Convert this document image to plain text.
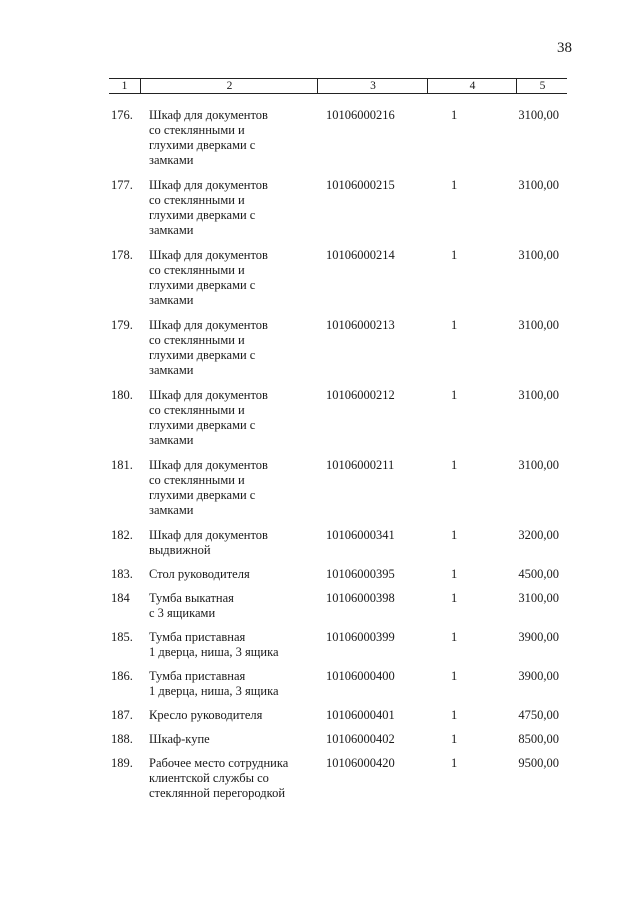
38
1	2	3	4	5
176.	Шкаф для документов
со стеклянными и
глухими дверками с
замками
10106000216	1	3100,00
177.	Шкаф для документов
со стеклянными и
глухими дверками с
замками
10106000215	1	3100,00
178.	Шкаф для документов
со стеклянными и
глухими дверками с
замками
10106000214	1	3100,00
179.	Шкаф для документов
со стеклянными и
глухими дверками с
замками
10106000213	1	3100,00
180.	Шкаф для документов
со стеклянными и
глухими дверками с
замками
10106000212	1	3100,00
181.	Шкаф для документов
со стеклянными и
глухими дверками с
замками
10106000211	1	3100,00
182.	Шкаф для документов
выдвижной
10106000341	1	3200,00
183.	Стол руководителя	10106000395	1	4500,00
184	Тумба выкатная
с 3 ящиками
10106000398	1	3100,00
185.	Тумба приставная
1 дверца, ниша, 3 ящика
10106000399	1	3900,00
186.	Тумба приставная
1 дверца, ниша, 3 ящика
10106000400	1	3900,00
187.	Кресло руководителя	10106000401	1	4750,00
188.	Шкаф-купе	10106000402	1	8500,00
189.	Рабочее место сотрудника
клиентской службы со
стеклянной перегородкой
10106000420	1	9500,00
